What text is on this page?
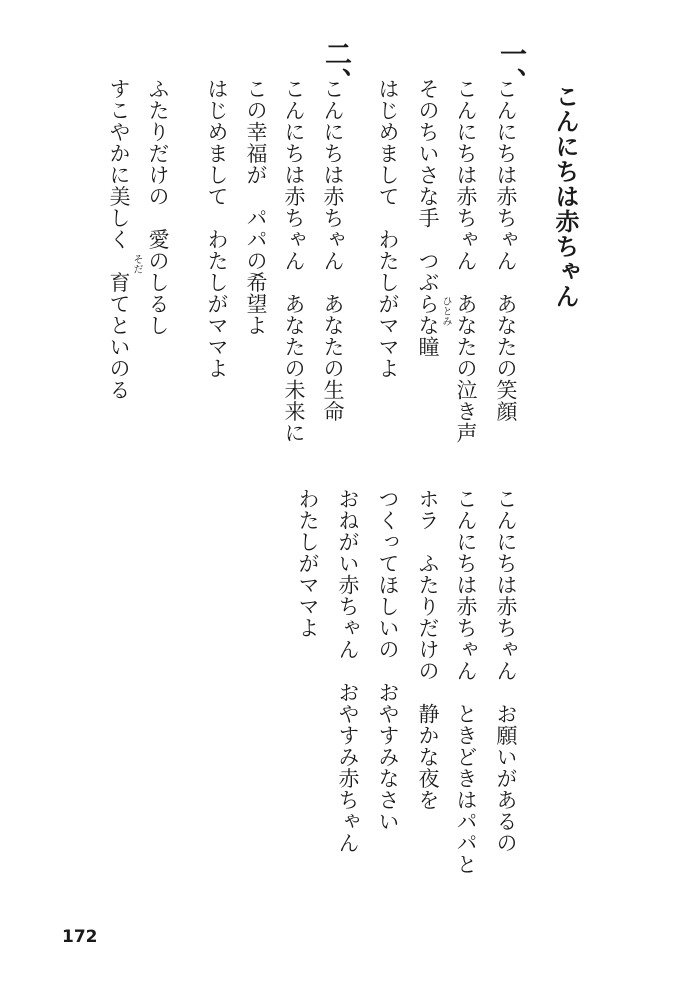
こんにちは赤ちゃん
一、
こんにちは赤ちゃん　あなたの笑顔
こんにちは赤ちゃん　あなたの泣き声
そのちいさな手　つぶらな瞳 ひとみ
はじめまして　わたしがママよ
二、
こんにちは赤ちゃん　あなたの生命
こんにちは赤ちゃん　あなたの未来に
この幸福が　パパの希望よ
はじめまして　わたしがママよ
ふたりだけの　愛のしるし
そだ
すこやかに美しく　育てといのる
こんにちは赤ちゃん　お願いがあるの
こんにちは赤ちゃん　ときどきはパパと
ホラ　ふたりだけの　静かな夜を
つくってほしいの　おやすみなさい
おねがい赤ちゃん　おやすみ赤ちゃん
わたしがママよ
172
